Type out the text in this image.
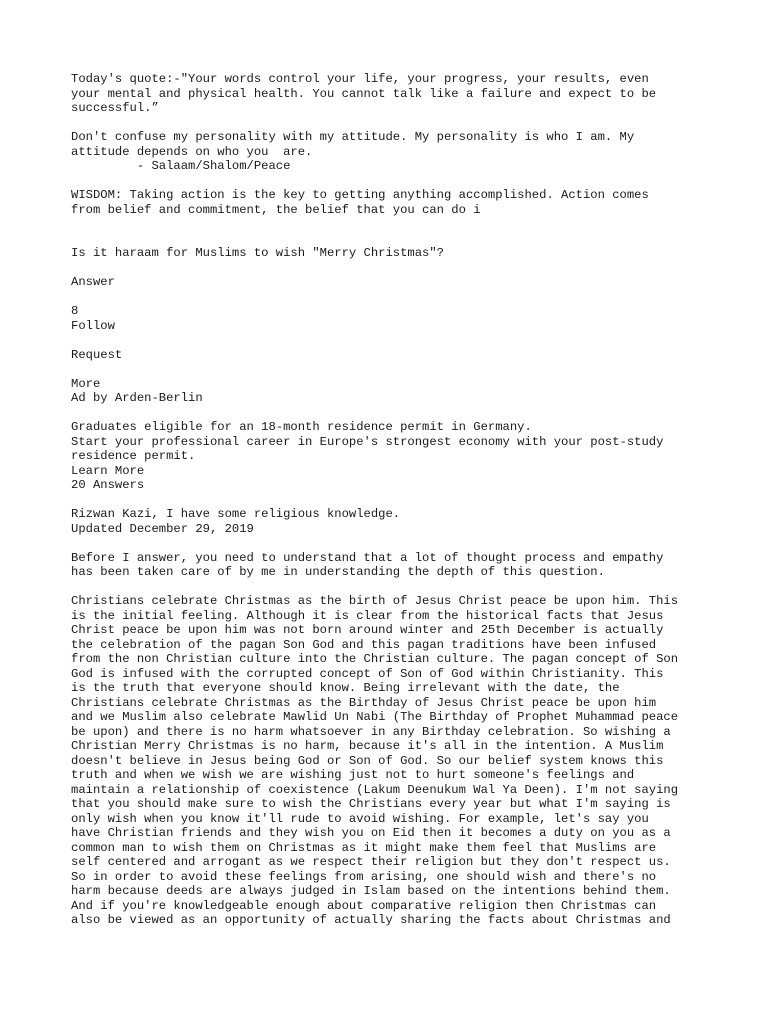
Today's quote:-"Your words control your life, your progress, your results, even
your mental and physical health. You cannot talk like a failure and expect to be
successful.”
Don't confuse my personality with my attitude. My personality is who I am. My
attitude depends on who you  are.
- Salaam/Shalom/Peace
WISDOM: Taking action is the key to getting anything accomplished. Action comes
from belief and commitment, the belief that you can do i
Is it haraam for Muslims to wish "Merry Christmas"?
Answer
8
Follow
Request
More
Ad by Arden-Berlin
Graduates eligible for an 18-month residence permit in Germany.
Start your professional career in Europe's strongest economy with your post-study
residence permit.
Learn More
20 Answers
Rizwan Kazi, I have some religious knowledge.
Updated December 29, 2019
Before I answer, you need to understand that a lot of thought process and empathy
has been taken care of by me in understanding the depth of this question.
Christians celebrate Christmas as the birth of Jesus Christ peace be upon him. This
is the initial feeling. Although it is clear from the historical facts that Jesus
Christ peace be upon him was not born around winter and 25th December is actually
the celebration of the pagan Son God and this pagan traditions have been infused
from the non Christian culture into the Christian culture. The pagan concept of Son
God is infused with the corrupted concept of Son of God within Christianity. This
is the truth that everyone should know. Being irrelevant with the date, the
Christians celebrate Christmas as the Birthday of Jesus Christ peace be upon him
and we Muslim also celebrate Mawlid Un Nabi (The Birthday of Prophet Muhammad peace
be upon) and there is no harm whatsoever in any Birthday celebration. So wishing a
Christian Merry Christmas is no harm, because it's all in the intention. A Muslim
doesn't believe in Jesus being God or Son of God. So our belief system knows this
truth and when we wish we are wishing just not to hurt someone's feelings and
maintain a relationship of coexistence (Lakum Deenukum Wal Ya Deen). I'm not saying
that you should make sure to wish the Christians every year but what I'm saying is
only wish when you know it'll rude to avoid wishing. For example, let's say you
have Christian friends and they wish you on Eid then it becomes a duty on you as a
common man to wish them on Christmas as it might make them feel that Muslims are
self centered and arrogant as we respect their religion but they don't respect us.
So in order to avoid these feelings from arising, one should wish and there's no
harm because deeds are always judged in Islam based on the intentions behind them.
And if you're knowledgeable enough about comparative religion then Christmas can
also be viewed as an opportunity of actually sharing the facts about Christmas and
